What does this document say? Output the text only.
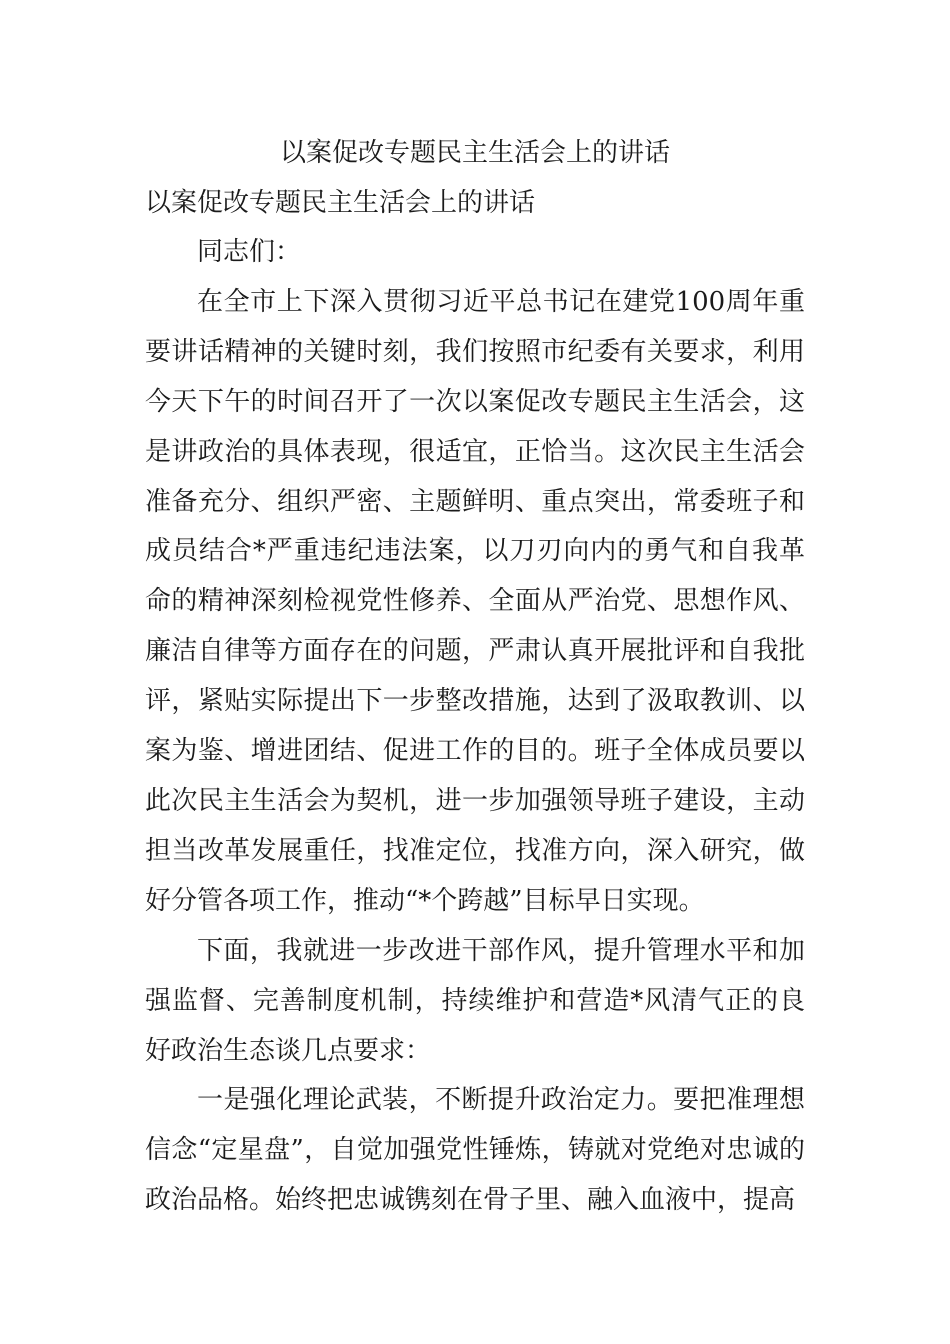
以案促改专题民主生活会上的讲话
以案促改专题民主生活会上的讲话

同志们：

在全市上下深入贯彻习近平总书记在建党100周年重要讲话精神的关键时刻，我们按照市纪委有关要求，利用今天下午的时间召开了一次以案促改专题民主生活会，这是讲政治的具体表现，很适宜，正恰当。这次民主生活会准备充分、组织严密、主题鲜明、重点突出，常委班子和成员结合*严重违纪违法案，以刀刃向内的勇气和自我革命的精神深刻检视党性修养、全面从严治党、思想作风、廉洁自律等方面存在的问题，严肃认真开展批评和自我批评，紧贴实际提出下一步整改措施，达到了汲取教训、以案为鉴、增进团结、促进工作的目的。班子全体成员要以此次民主生活会为契机，进一步加强领导班子建设，主动担当改革发展重任，找准定位，找准方向，深入研究，做好分管各项工作，推动“*个跨越”目标早日实现。

下面，我就进一步改进干部作风，提升管理水平和加强监督、完善制度机制，持续维护和营造*风清气正的良好政治生态谈几点要求：

一是强化理论武装，不断提升政治定力。要把准理想信念“定星盘”，自觉加强党性锤炼，铸就对党绝对忠诚的政治品格。始终把忠诚镌刻在骨子里、融入血液中，提高
